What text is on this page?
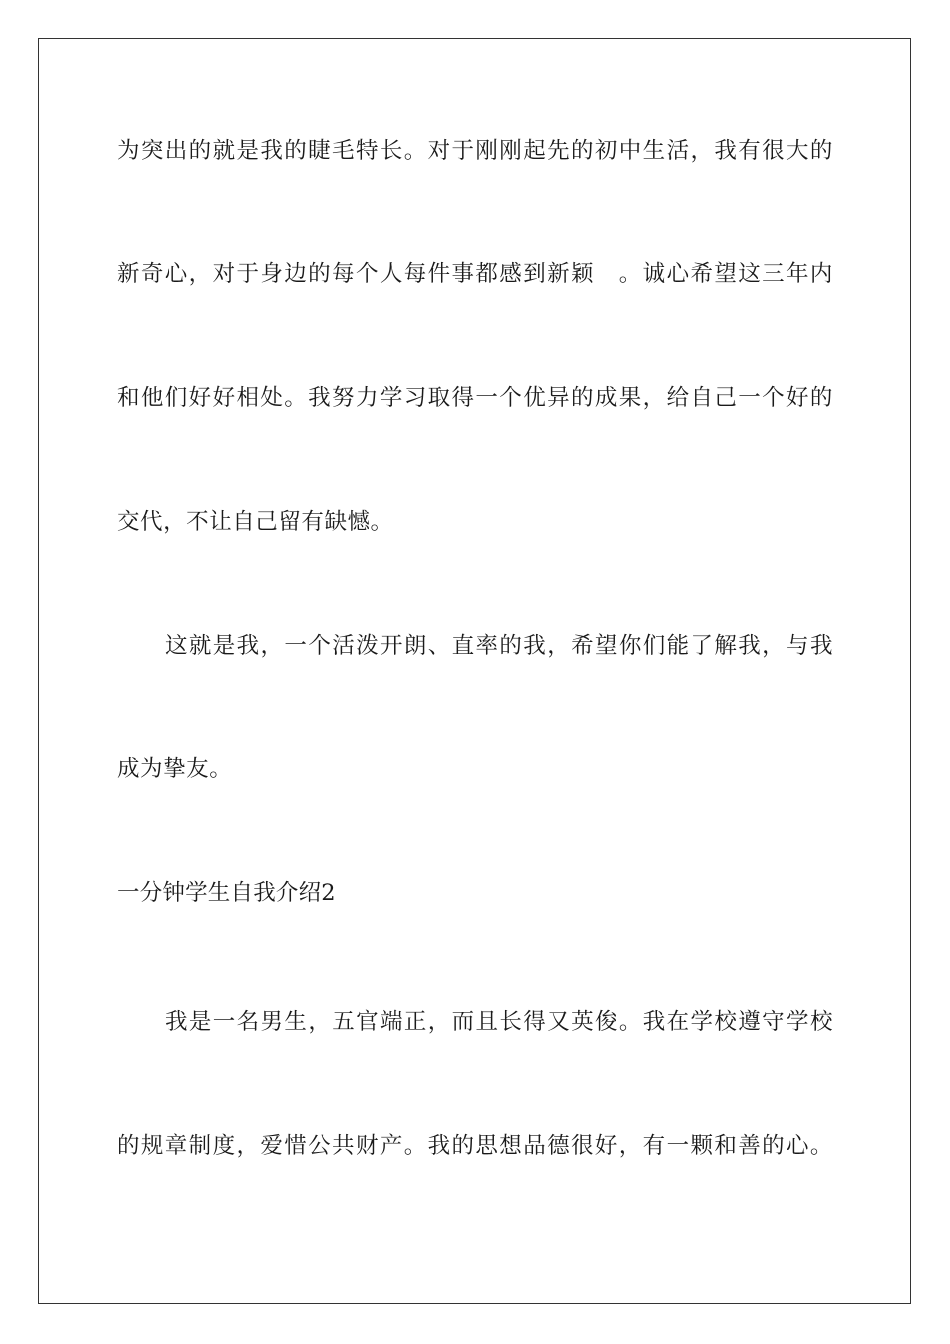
为突出的就是我的睫毛特长。对于刚刚起先的初中生活，我有很大的
新奇心，对于身边的每个人每件事都感到新颖　。诚心希望这三年内
和他们好好相处。我努力学习取得一个优异的成果，给自己一个好的
交代，不让自己留有缺憾。
这就是我，一个活泼开朗、直率的我，希望你们能了解我，与我
成为挚友。
一分钟学生自我介绍2
我是一名男生，五官端正，而且长得又英俊。我在学校遵守学校
的规章制度，爱惜公共财产。我的思想品德很好，有一颗和善的心。
